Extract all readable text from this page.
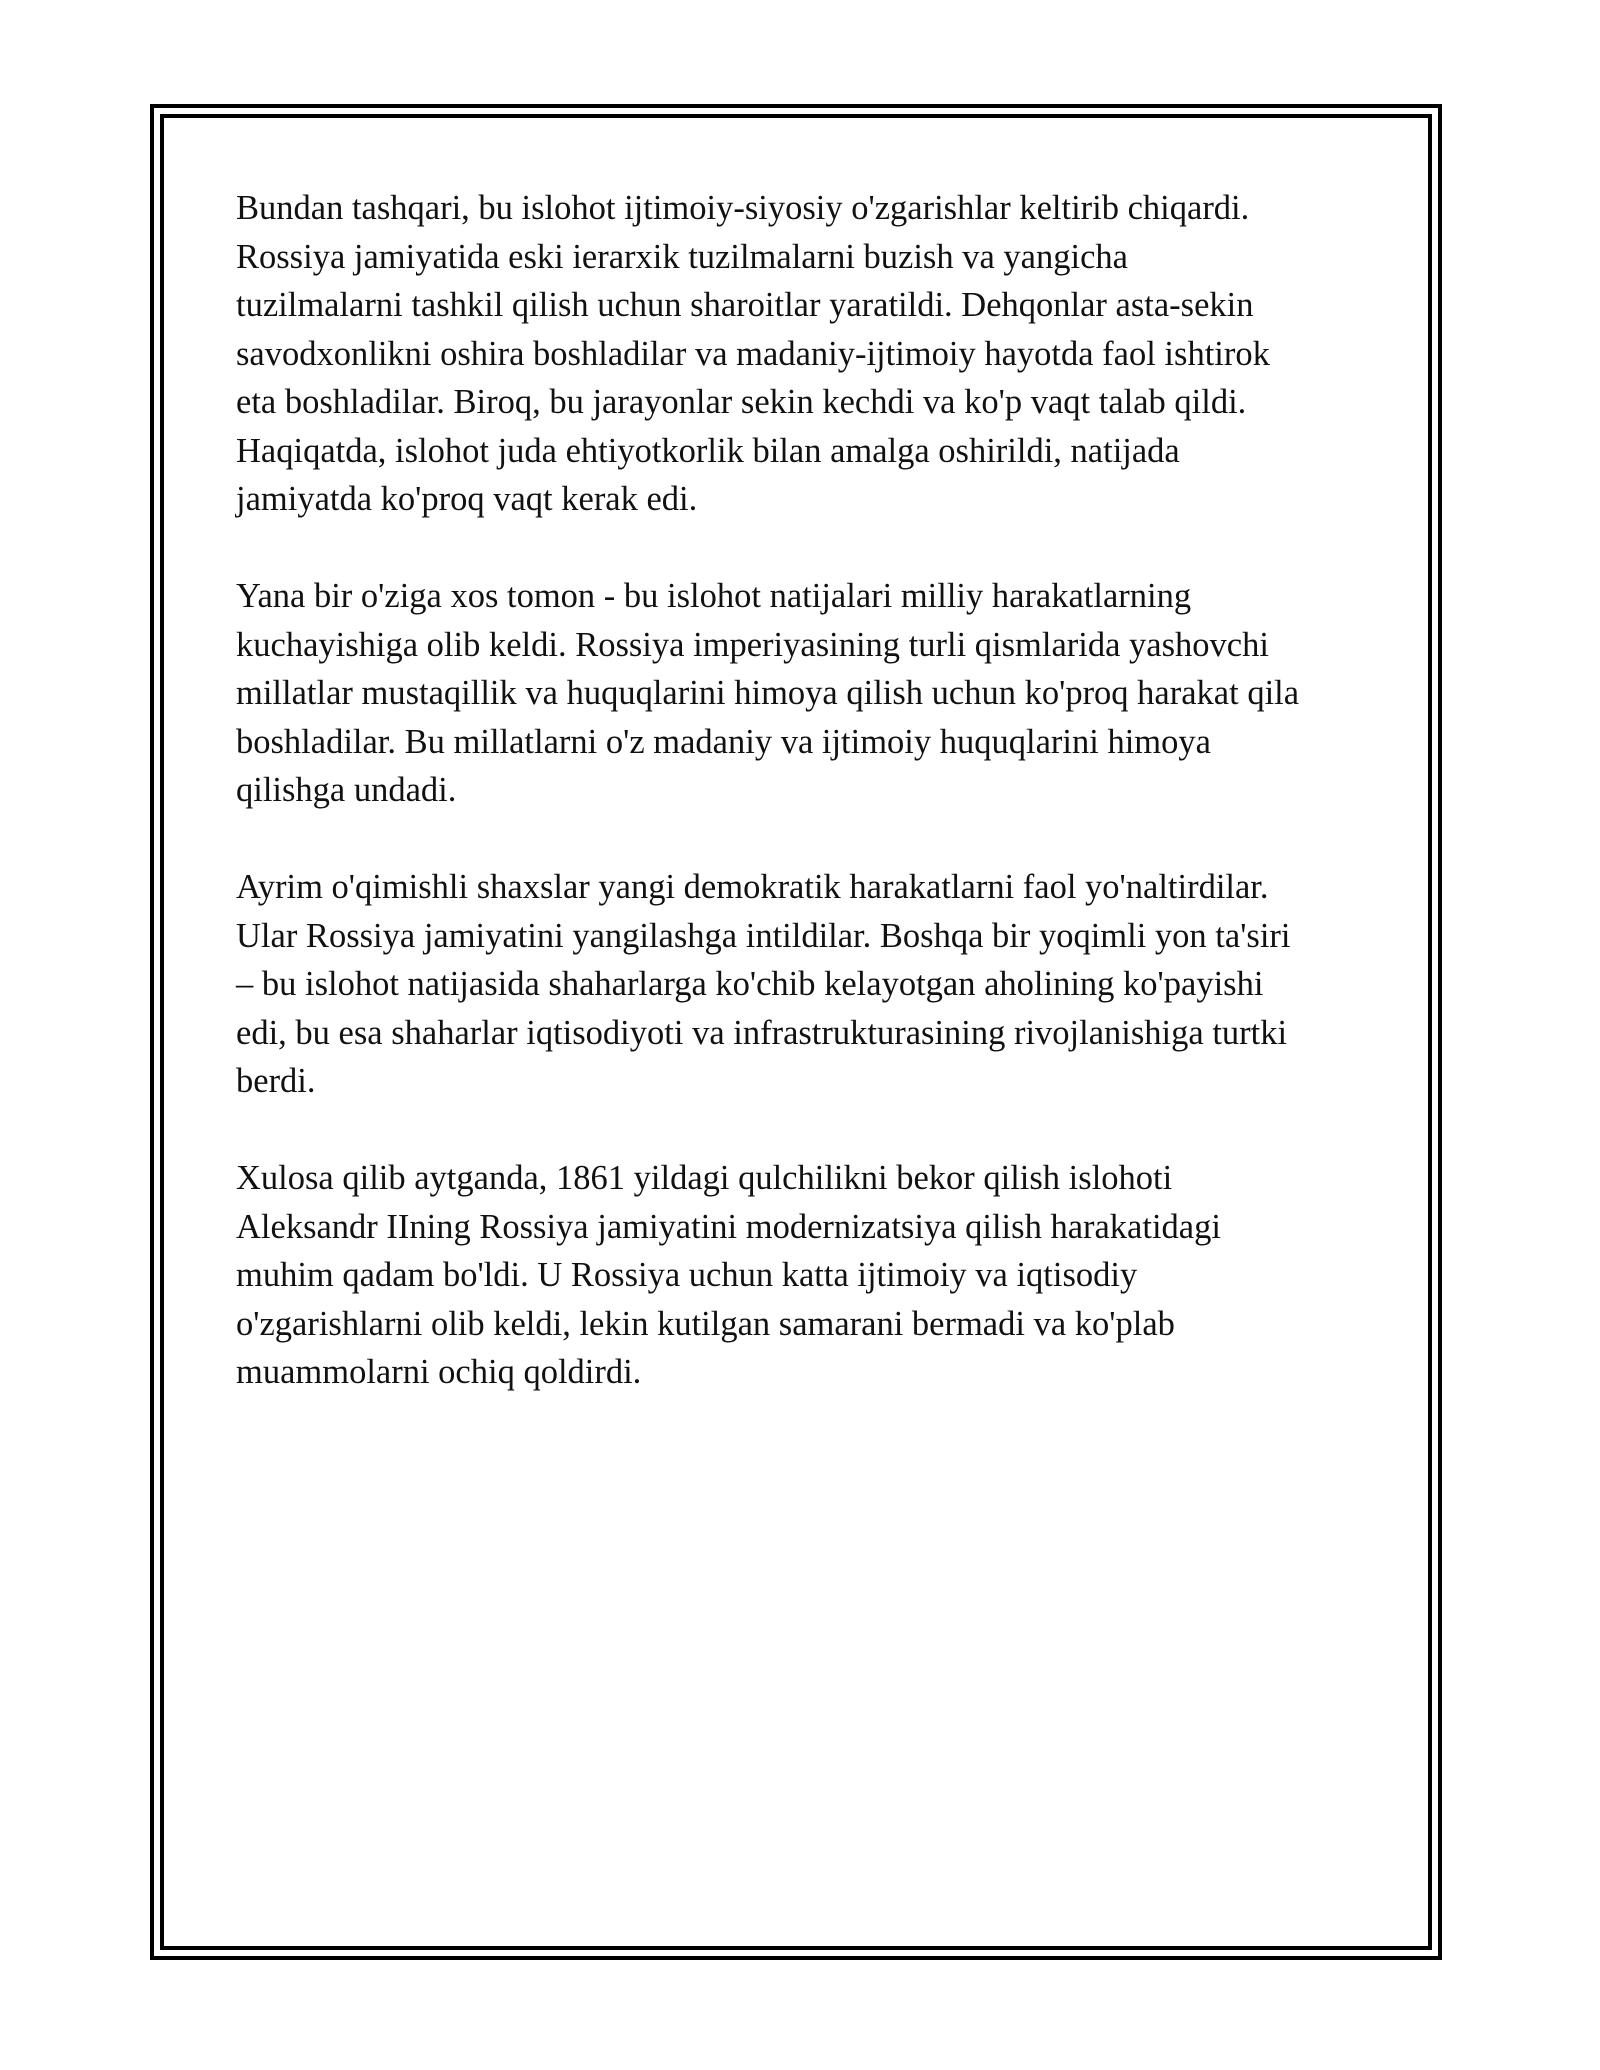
Bundan tashqari, bu islohot ijtimoiy-siyosiy o'zgarishlar keltirib chiqardi.
Rossiya jamiyatida eski ierarxik tuzilmalarni buzish va yangicha
tuzilmalarni tashkil qilish uchun sharoitlar yaratildi. Dehqonlar asta-sekin
savodxonlikni oshira boshladilar va madaniy-ijtimoiy hayotda faol ishtirok
eta boshladilar. Biroq, bu jarayonlar sekin kechdi va ko'p vaqt talab qildi.
Haqiqatda, islohot juda ehtiyotkorlik bilan amalga oshirildi, natijada
jamiyatda ko'proq vaqt kerak edi.

Yana bir o'ziga xos tomon - bu islohot natijalari milliy harakatlarning
kuchayishiga olib keldi. Rossiya imperiyasining turli qismlarida yashovchi
millatlar mustaqillik va huquqlarini himoya qilish uchun ko'proq harakat qila
boshladilar. Bu millatlarni o'z madaniy va ijtimoiy huquqlarini himoya
qilishga undadi.

Ayrim o'qimishli shaxslar yangi demokratik harakatlarni faol yo'naltirdilar.
Ular Rossiya jamiyatini yangilashga intildilar. Boshqa bir yoqimli yon ta'siri
– bu islohot natijasida shaharlarga ko'chib kelayotgan aholining ko'payishi
edi, bu esa shaharlar iqtisodiyoti va infrastrukturasining rivojlanishiga turtki
berdi.

Xulosa qilib aytganda, 1861 yildagi qulchilikni bekor qilish islohoti
Aleksandr IIning Rossiya jamiyatini modernizatsiya qilish harakatidagi
muhim qadam bo'ldi. U Rossiya uchun katta ijtimoiy va iqtisodiy
o'zgarishlarni olib keldi, lekin kutilgan samarani bermadi va ko'plab
muammolarni ochiq qoldirdi.
